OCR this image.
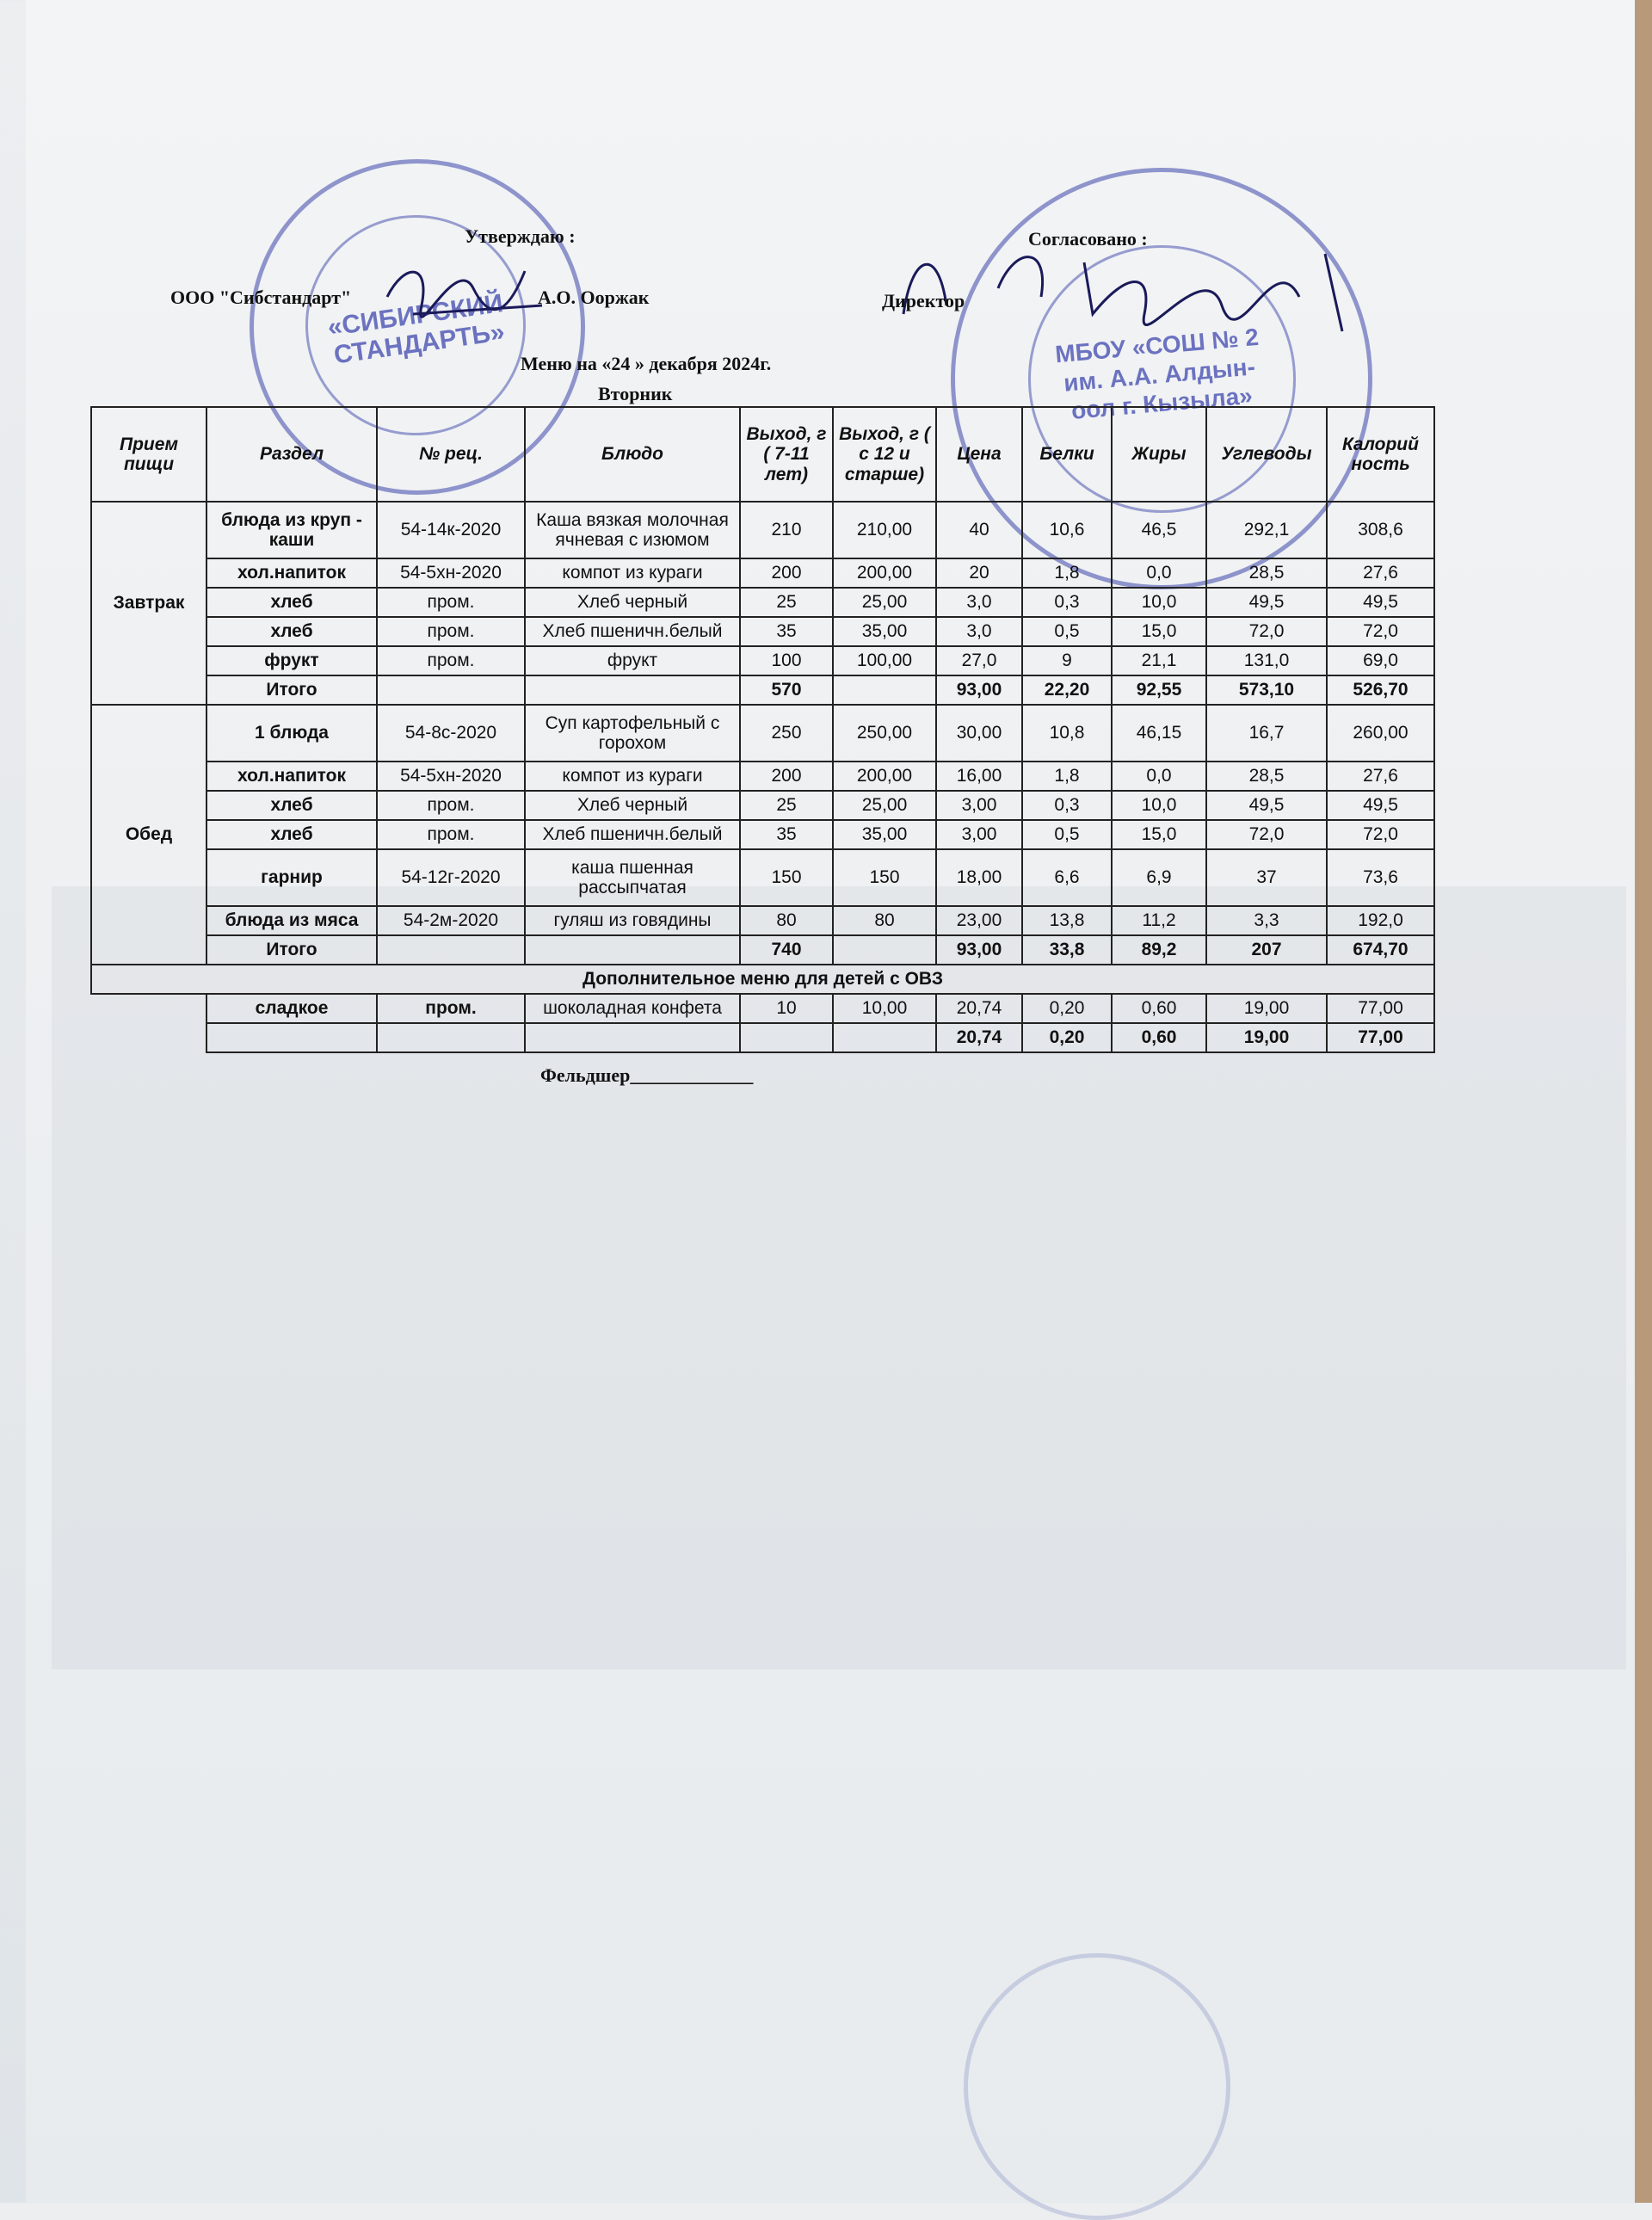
«СИБИРСКИЙ СТАНДАРТЬ»	МБОУ «СОШ № 2 им. А.А. Алдын-оол г. Кызыла»
Утверждаю :	Согласовано :
ООО "Сибстандарт"	А.О. Ооржак	Директор
Меню на «24 » декабря 2024г.
Вторник
Прием пищи	Раздел	№ рец.	Блюдо	Выход, г ( 7-11 лет)	Выход, г ( с 12 и старше)	Цена	Белки	Жиры	Углеводы	Калорий ность
Завтрак	блюда из круп - каши	54-14к-2020	Каша вязкая молочная ячневая с изюмом	210	210,00	40	10,6	46,5	292,1	308,6
	хол.напиток	54-5хн-2020	компот из кураги	200	200,00	20	1,8	0,0	28,5	27,6
	хлеб	пром.	Хлеб черный	25	25,00	3,0	0,3	10,0	49,5	49,5
	хлеб	пром.	Хлеб пшеничн.белый	35	35,00	3,0	0,5	15,0	72,0	72,0
	фрукт	пром.	фрукт	100	100,00	27,0	9	21,1	131,0	69,0
	Итого			570		93,00	22,20	92,55	573,10	526,70
Обед	1 блюда	54-8с-2020	Суп картофельный с горохом	250	250,00	30,00	10,8	46,15	16,7	260,00
	хол.напиток	54-5хн-2020	компот из кураги	200	200,00	16,00	1,8	0,0	28,5	27,6
	хлеб	пром.	Хлеб черный	25	25,00	3,00	0,3	10,0	49,5	49,5
	хлеб	пром.	Хлеб пшеничн.белый	35	35,00	3,00	0,5	15,0	72,0	72,0
	гарнир	54-12г-2020	каша пшенная рассыпчатая	150	150	18,00	6,6	6,9	37	73,6
	блюда из мяса	54-2м-2020	гуляш из говядины	80	80	23,00	13,8	11,2	3,3	192,0
	Итого			740		93,00	33,8	89,2	207	674,70
Дополнительное меню для детей с ОВЗ										
	сладкое	пром.	шоколадная конфета	10	10,00	20,74	0,20	0,60	19,00	77,00
						20,74	0,20	0,60	19,00	77,00
Фельдшер_____________
